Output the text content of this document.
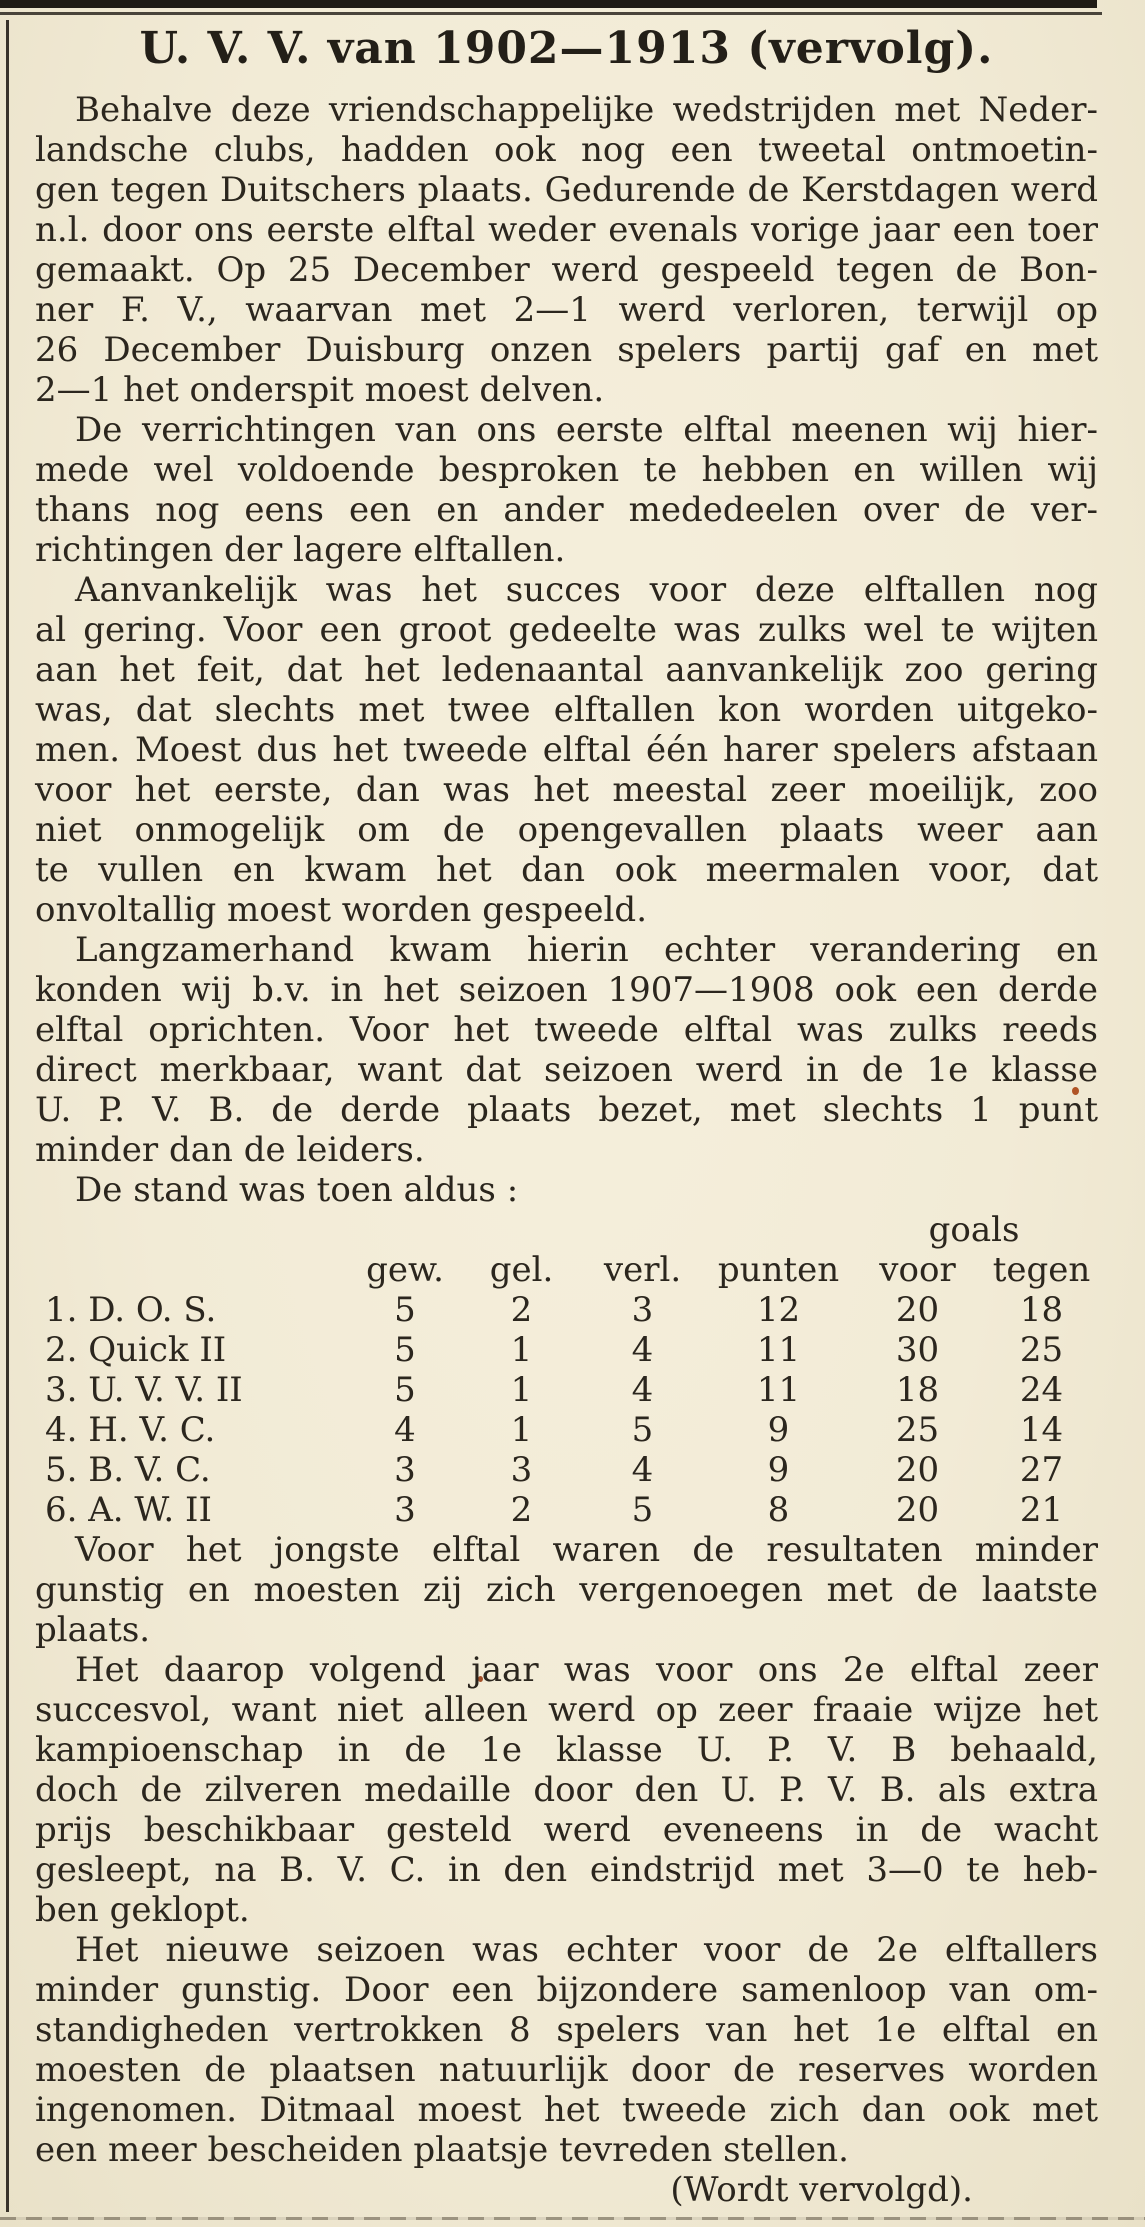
U. V. V. van 1902—1913 (vervolg).
Behalve deze vriendschappelijke wedstrijden met Neder-
landsche clubs, hadden ook nog een tweetal ontmoetin-
gen tegen Duitschers plaats. Gedurende de Kerstdagen werd
n.l. door ons eerste elftal weder evenals vorige jaar een toer
gemaakt. Op 25 December werd gespeeld tegen de Bon-
ner F. V., waarvan met 2—1 werd verloren, terwijl op
26 December Duisburg onzen spelers partij gaf en met
2—1 het onderspit moest delven.
De verrichtingen van ons eerste elftal meenen wij hier-
mede wel voldoende besproken te hebben en willen wij
thans nog eens een en ander mededeelen over de ver-
richtingen der lagere elftallen.
Aanvankelijk was het succes voor deze elftallen nog
al gering. Voor een groot gedeelte was zulks wel te wijten
aan het feit, dat het ledenaantal aanvankelijk zoo gering
was, dat slechts met twee elftallen kon worden uitgeko-
men. Moest dus het tweede elftal één harer spelers afstaan
voor het eerste, dan was het meestal zeer moeilijk, zoo
niet onmogelijk om de opengevallen plaats weer aan
te vullen en kwam het dan ook meermalen voor, dat
onvoltallig moest worden gespeeld.
Langzamerhand kwam hierin echter verandering en
konden wij b.v. in het seizoen 1907—1908 ook een derde
elftal oprichten. Voor het tweede elftal was zulks reeds
direct merkbaar, want dat seizoen werd in de 1e klasse
U. P. V. B. de derde plaats bezet, met slechts 1 punt
minder dan de leiders.
De stand was toen aldus :
					goals	
	gew.	gel.	verl.	punten	voor	tegen
1. D. O. S.	5	2	3	12	20	18
2. Quick II	5	1	4	11	30	25
3. U. V. V. II	5	1	4	11	18	24
4. H. V. C.	4	1	5	9	25	14
5. B. V. C.	3	3	4	9	20	27
6. A. W. II	3	2	5	8	20	21
Voor het jongste elftal waren de resultaten minder
gunstig en moesten zij zich vergenoegen met de laatste
plaats.
Het daarop volgend jaar was voor ons 2e elftal zeer
succesvol, want niet alleen werd op zeer fraaie wijze het
kampioenschap in de 1e klasse U. P. V. B behaald,
doch de zilveren medaille door den U. P. V. B. als extra
prijs beschikbaar gesteld werd eveneens in de wacht
gesleept, na B. V. C. in den eindstrijd met 3—0 te heb-
ben geklopt.
Het nieuwe seizoen was echter voor de 2e elftallers
minder gunstig. Door een bijzondere samenloop van om-
standigheden vertrokken 8 spelers van het 1e elftal en
moesten de plaatsen natuurlijk door de reserves worden
ingenomen. Ditmaal moest het tweede zich dan ook met
een meer bescheiden plaatsje tevreden stellen.
(Wordt vervolgd).
